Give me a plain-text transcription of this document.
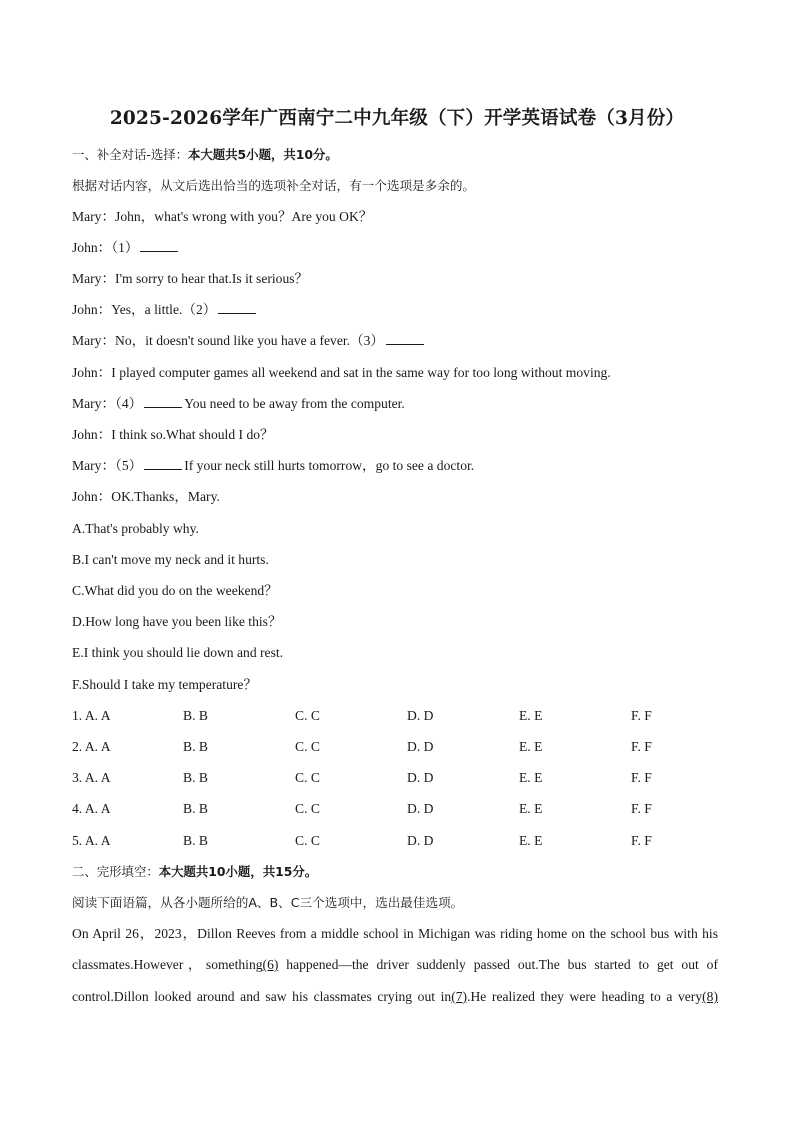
2025-2026学年广西南宁二中九年级（下）开学英语试卷（3月份）
一、补全对话-选择：本大题共5小题，共10分。
根据对话内容，从文后选出恰当的选项补全对话，有一个选项是多余的。
Mary：John，what's wrong with you？Are you OK？
John：（1）
Mary：I'm sorry to hear that.Is it serious？
John：Yes，a little.（2）
Mary：No，it doesn't sound like you have a fever.（3）
John：I played computer games all weekend and sat in the same way for too long without moving.
Mary：（4）	You need to be away from the computer.
John：I think so.What should I do？
Mary：（5）	If your neck still hurts tomorrow，go to see a doctor.
John：OK.Thanks，Mary.
A.That's probably why.
B.I can't move my neck and it hurts.
C.What did you do on the weekend？
D.How long have you been like this？
E.I think you should lie down and rest.
F.Should I take my temperature？
1. A. A	B. B	C. C	D. D	E. E	F. F
2. A. A	B. B	C. C	D. D	E. E	F. F
3. A. A	B. B	C. C	D. D	E. E	F. F
4. A. A	B. B	C. C	D. D	E. E	F. F
5. A. A	B. B	C. C	D. D	E. E	F. F
二、完形填空：本大题共10小题，共15分。
阅读下面语篇，从各小题所给的A、B、C三个选项中，选出最佳选项。
On April 26，2023，Dillon Reeves from a middle school in Michigan was riding home on the school bus with his
classmates.However，something(6) happened—the driver suddenly passed out.The bus started to get out of
control.Dillon looked around and saw his classmates crying out in(7).He realized they were heading to a very(8)
